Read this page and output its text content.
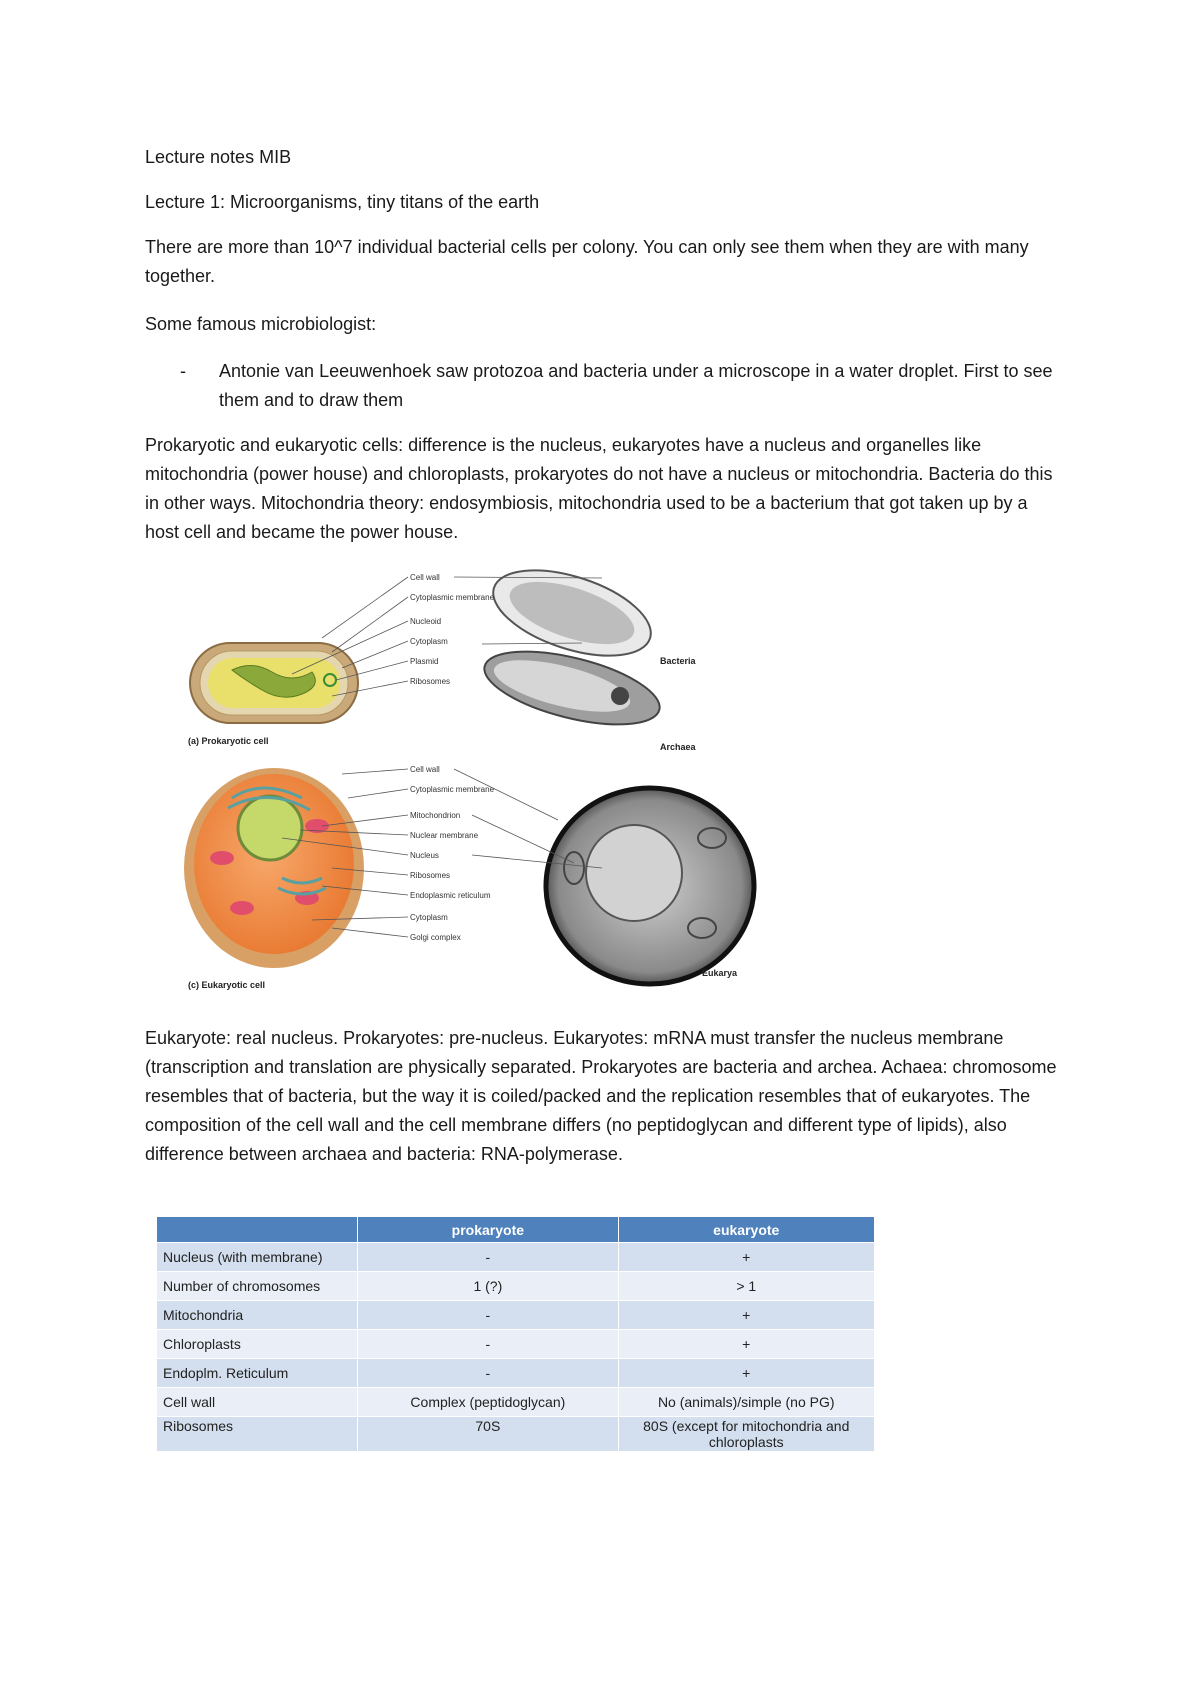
Lecture notes MIB

Lecture 1: Microorganisms, tiny titans of the earth

There are more than 10^7 individual bacterial cells per colony. You can only see them when they are with many together.

Some famous microbiologist:

- Antonie van Leeuwenhoek saw protozoa and bacteria under a microscope in a water droplet. First to see them and to draw them

Prokaryotic and eukaryotic cells: difference is the nucleus, eukaryotes have a nucleus and organelles like mitochondria (power house) and chloroplasts, prokaryotes do not have a nucleus or mitochondria. Bacteria do this in other ways. Mitochondria theory: endosymbiosis, mitochondria used to be a bacterium that got taken up by a host cell and became the power house.

(a) Prokaryotic cell
Bacteria
Archaea
Cell wall
Cytoplasmic membrane
Nucleoid
Cytoplasm
Plasmid
Ribosomes
(c) Eukaryotic cell
Eukarya
Cell wall
Cytoplasmic membrane
Mitochondrion
Nuclear membrane
Nucleus
Ribosomes
Endoplasmic reticulum
Cytoplasm
Golgi complex

Eukaryote: real nucleus. Prokaryotes: pre-nucleus. Eukaryotes: mRNA must transfer the nucleus membrane (transcription and translation are physically separated. Prokaryotes are bacteria and archea. Achaea: chromosome resembles that of bacteria, but the way it is coiled/packed and the replication resembles that of eukaryotes. The composition of the cell wall and the cell membrane differs (no peptidoglycan and different type of lipids), also difference between archaea and bacteria: RNA-polymerase.

	prokaryote	eukaryote
Nucleus (with membrane)	-	+
Number of chromosomes	1 (?)	> 1
Mitochondria	-	+
Chloroplasts	-	+
Endoplm. Reticulum	-	+
Cell wall	Complex (peptidoglycan)	No (animals)/simple (no PG)
Ribosomes	70S	80S (except for mitochondria and chloroplasts
